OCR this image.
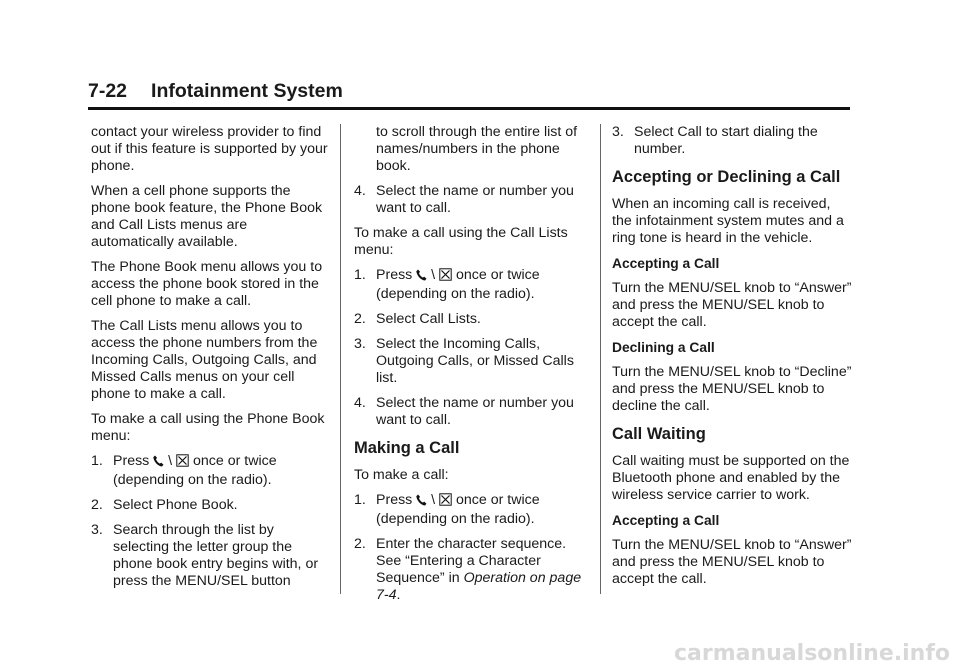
7-22 Infotainment System

contact your wireless provider to find out if this feature is supported by your phone.

When a cell phone supports the phone book feature, the Phone Book and Call Lists menus are automatically available.

The Phone Book menu allows you to access the phone book stored in the cell phone to make a call.

The Call Lists menu allows you to access the phone numbers from the Incoming Calls, Outgoing Calls, and Missed Calls menus on your cell phone to make a call.

To make a call using the Phone Book menu:

1. Press \ once or twice (depending on the radio).
2. Select Phone Book.
3. Search through the list by selecting the letter group the phone book entry begins with, or press the MENU/SEL button
to scroll through the entire list of names/numbers in the phone book.
4. Select the name or number you want to call.

To make a call using the Call Lists menu:

1. Press \ once or twice (depending on the radio).
2. Select Call Lists.
3. Select the Incoming Calls, Outgoing Calls, or Missed Calls list.
4. Select the name or number you want to call.
Making a Call

To make a call:

1. Press \ once or twice (depending on the radio).
2. Enter the character sequence. See “Entering a Character Sequence” in Operation on page 7-4.
3. Select Call to start dialing the number.
Accepting or Declining a Call

When an incoming call is received, the infotainment system mutes and a ring tone is heard in the vehicle.

Accepting a Call

Turn the MENU/SEL knob to “Answer” and press the MENU/SEL knob to accept the call.

Declining a Call

Turn the MENU/SEL knob to “Decline” and press the MENU/SEL knob to decline the call.

Call Waiting

Call waiting must be supported on the Bluetooth phone and enabled by the wireless service carrier to work.

Accepting a Call

Turn the MENU/SEL knob to “Answer” and press the MENU/SEL knob to accept the call.

carmanualsonline.info
